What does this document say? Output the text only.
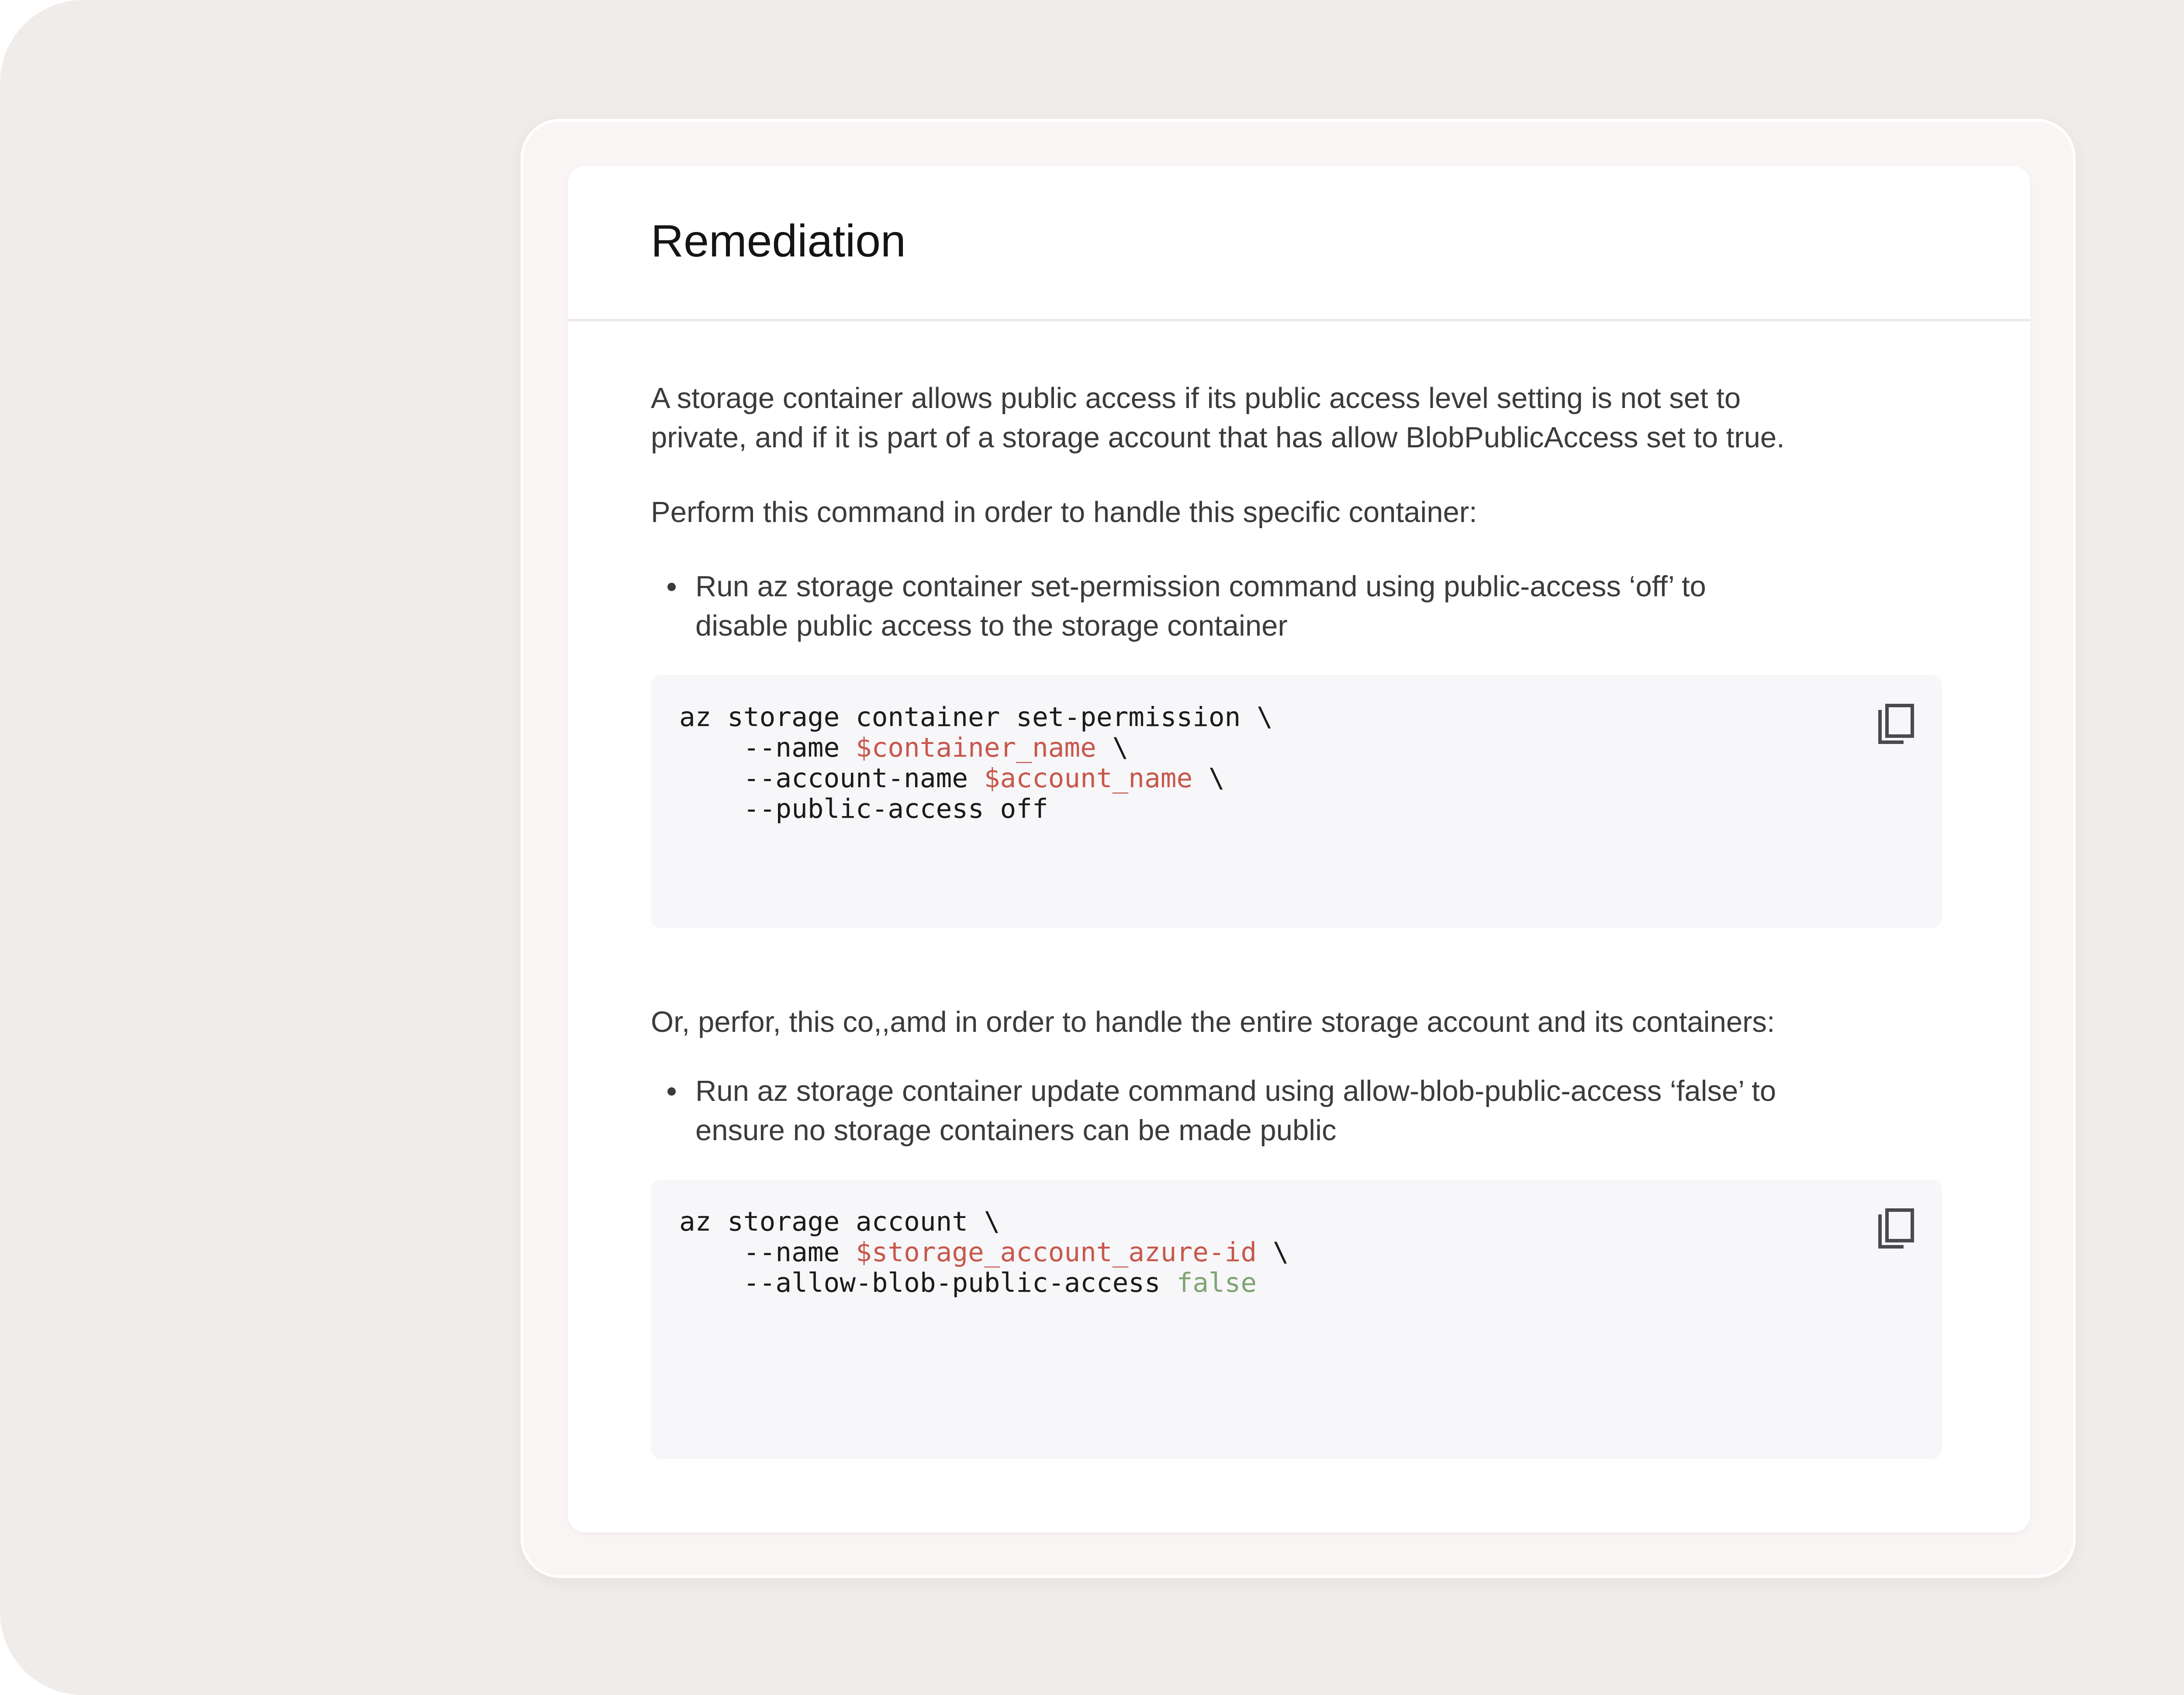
Remediation

A storage container allows public access if its public access level setting is not set to

private, and if it is part of a storage account that has allow BlobPublicAccess set to true.

Perform this command in order to handle this specific container:

Run az storage container set-permission command using public-access ‘off’ to
disable public access to the storage container
az storage container set-permission \
--name $container_name \
--account-name $account_name \
--public-access off

Or, perfor, this co,,amd in order to handle the entire storage account and its containers:

Run az storage container update command using allow-blob-public-access ‘false’ to
ensure no storage containers can be made public
az storage account \
--name $storage_account_azure-id \
--allow-blob-public-access false
